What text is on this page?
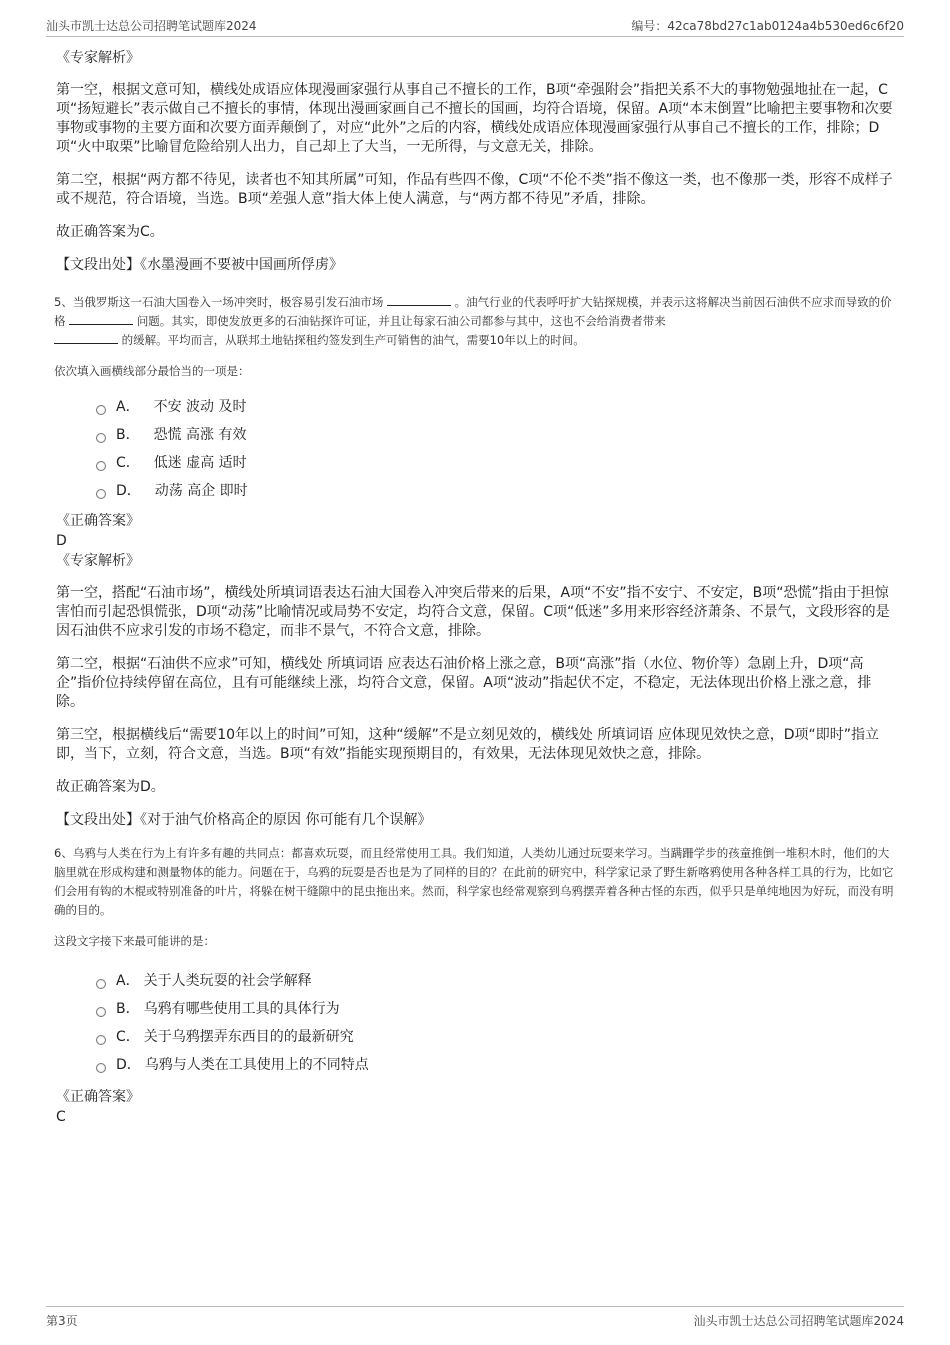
汕头市凯士达总公司招聘笔试题库2024	编号：42ca78bd27c1ab0124a4b530ed6c6f20

《专家解析》

第一空，根据文意可知，横线处成语应体现漫画家强行从事自己不擅长的工作，B项“牵强附会”指把关系不大的事物勉强地扯在一起，C项“扬短避长”表示做自己不擅长的事情，体现出漫画家画自己不擅长的国画，均符合语境，保留。A项“本末倒置”比喻把主要事物和次要事物或事物的主要方面和次要方面弄颠倒了，对应“此外”之后的内容，横线处成语应体现漫画家强行从事自己不擅长的工作，排除；D项“火中取栗”比喻冒危险给别人出力，自己却上了大当，一无所得，与文意无关，排除。

第二空，根据“两方都不待见，读者也不知其所属”可知，作品有些四不像，C项“不伦不类”指不像这一类，也不像那一类，形容不成样子或不规范，符合语境，当选。B项“差强人意”指大体上使人满意，与“两方都不待见”矛盾，排除。

故正确答案为C。

【文段出处】《水墨漫画不要被中国画所俘虏》

5、当俄罗斯这一石油大国卷入一场冲突时，极容易引发石油市场	。油气行业的代表呼吁扩大钻探规模，并表示这将解决当前因石油供不应求而导致的价格	问题。其实，即使发放更多的石油钻探许可证，并且让每家石油公司都参与其中，这也不会给消费者带来
的缓解。平均而言，从联邦土地钻探租约签发到生产可销售的油气，需要10年以上的时间。

依次填入画横线部分最恰当的一项是：

A． 不安 波动 及时
B． 恐慌 高涨 有效
C． 低迷 虚高 适时
D． 动荡 高企 即时

《正确答案》

D

《专家解析》

第一空，搭配“石油市场”，横线处所填词语表达石油大国卷入冲突后带来的后果，A项“不安”指不安宁、不安定，B项“恐慌”指由于担惊害怕而引起恐惧慌张，D项“动荡”比喻情况或局势不安定，均符合文意，保留。C项“低迷”多用来形容经济萧条、不景气，文段形容的是因石油供不应求引发的市场不稳定，而非不景气，不符合文意，排除。

第二空，根据“石油供不应求”可知，横线处 所填词语 应表达石油价格上涨之意，B项“高涨”指（水位、物价等）急剧上升，D项“高企”指价位持续停留在高位，且有可能继续上涨，均符合文意，保留。A项“波动”指起伏不定，不稳定，无法体现出价格上涨之意，排除。

第三空，根据横线后“需要10年以上的时间”可知，这种“缓解”不是立刻见效的，横线处 所填词语 应体现见效快之意，D项“即时”指立即，当下，立刻，符合文意，当选。B项“有效”指能实现预期目的，有效果，无法体现见效快之意，排除。

故正确答案为D。

【文段出处】《对于油气价格高企的原因 你可能有几个误解》

6、乌鸦与人类在行为上有许多有趣的共同点：都喜欢玩耍，而且经常使用工具。我们知道，人类幼儿通过玩耍来学习。当蹒跚学步的孩童推倒一堆积木时，他们的大脑里就在形成构建和测量物体的能力。问题在于，乌鸦的玩耍是否也是为了同样的目的？在此前的研究中，科学家记录了野生新喀鸦使用各种各样工具的行为，比如它们会用有钩的木棍或特别准备的叶片，将躲在树干缝隙中的昆虫拖出来。然而，科学家也经常观察到乌鸦摆弄着各种古怪的东西，似乎只是单纯地因为好玩，而没有明确的目的。

这段文字接下来最可能讲的是：

A． 关于人类玩耍的社会学解释
B． 乌鸦有哪些使用工具的具体行为
C． 关于乌鸦摆弄东西目的的最新研究
D． 乌鸦与人类在工具使用上的不同特点

《正确答案》

C

第3页	汕头市凯士达总公司招聘笔试题库2024
